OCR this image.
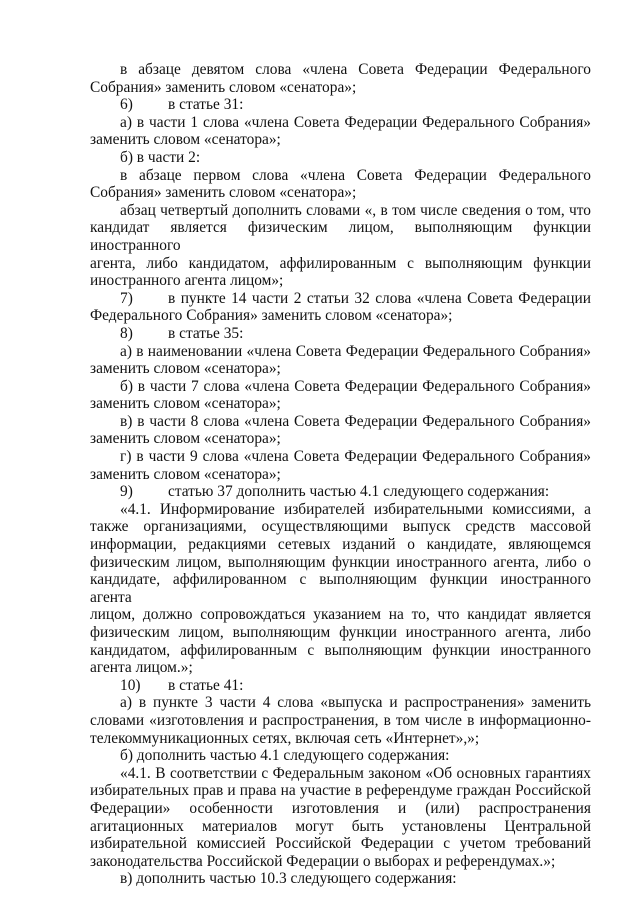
в абзаце девятом слова «члена Совета Федерации Федерального
Собрания» заменить словом «сенатора»;
6) в статье 31:
а) в части 1 слова «члена Совета Федерации Федерального Собрания»
заменить словом «сенатора»;
б) в части 2:
в абзаце первом слова «члена Совета Федерации Федерального
Собрания» заменить словом «сенатора»;
абзац четвертый дополнить словами «, в том числе сведения о том, что
кандидат является физическим лицом, выполняющим функции иностранного
агента, либо кандидатом, аффилированным с выполняющим функции
иностранного агента лицом»;
7) в пункте 14 части 2 статьи 32 слова «члена Совета Федерации
Федерального Собрания» заменить словом «сенатора»;
8) в статье 35:
а) в наименовании «члена Совета Федерации Федерального Собрания»
заменить словом «сенатора»;
б) в части 7 слова «члена Совета Федерации Федерального Собрания»
заменить словом «сенатора»;
в) в части 8 слова «члена Совета Федерации Федерального Собрания»
заменить словом «сенатора»;
г) в части 9 слова «члена Совета Федерации Федерального Собрания»
заменить словом «сенатора»;
9) статью 37 дополнить частью 4.1 следующего содержания:
«4.1. Информирование избирателей избирательными комиссиями, а
также организациями, осуществляющими выпуск средств массовой
информации, редакциями сетевых изданий о кандидате, являющемся
физическим лицом, выполняющим функции иностранного агента, либо о
кандидате, аффилированном с выполняющим функции иностранного агента
лицом, должно сопровождаться указанием на то, что кандидат является
физическим лицом, выполняющим функции иностранного агента, либо
кандидатом, аффилированным с выполняющим функции иностранного
агента лицом.»;
10) в статье 41:
а) в пункте 3 части 4 слова «выпуска и распространения» заменить
словами «изготовления и распространения, в том числе в информационно-
телекоммуникационных сетях, включая сеть «Интернет»,»;
б) дополнить частью 4.1 следующего содержания:
«4.1. В соответствии с Федеральным законом «Об основных гарантиях
избирательных прав и права на участие в референдуме граждан Российской
Федерации» особенности изготовления и (или) распространения
агитационных материалов могут быть установлены Центральной
избирательной комиссией Российской Федерации с учетом требований
законодательства Российской Федерации о выборах и референдумах.»;
в) дополнить частью 10.3 следующего содержания:
